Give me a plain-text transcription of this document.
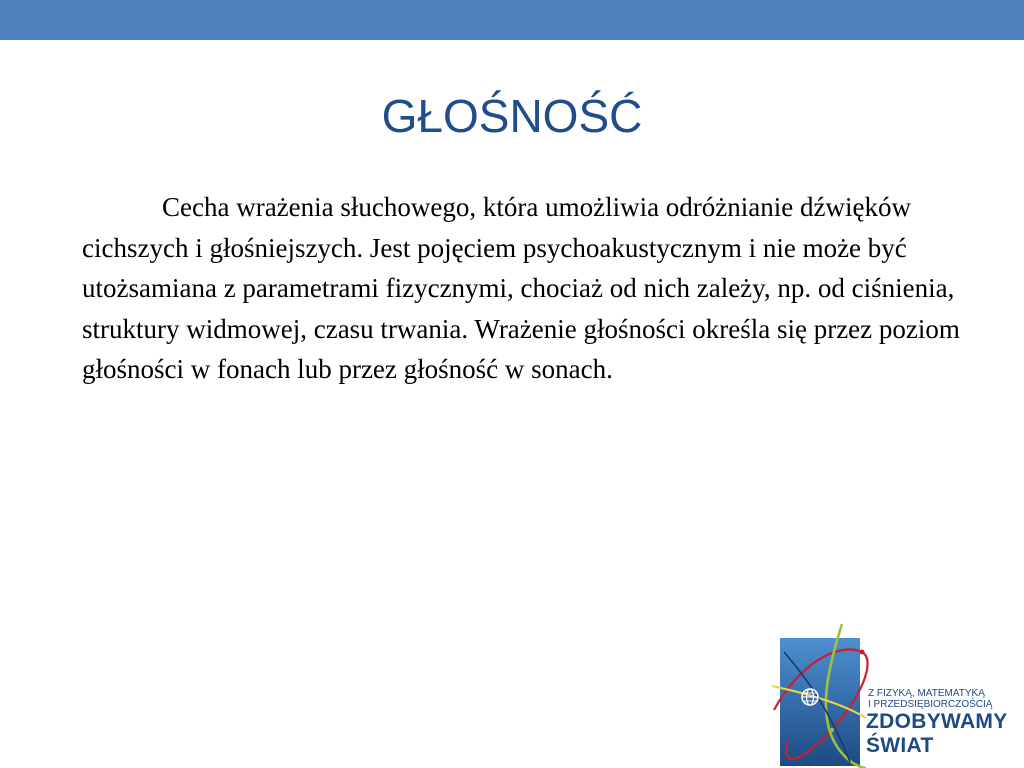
GŁOŚNOŚĆ

Cecha wrażenia słuchowego, która umożliwia odróżnianie dźwięków cichszych i głośniejszych. Jest pojęciem psychoakustycznym i nie może być utożsamiana z parametrami fizycznymi, chociaż od nich zależy, np. od ciśnienia, struktury widmowej, czasu trwania. Wrażenie głośności określa się przez poziom głośności w fonach lub przez głośność w sonach.

Z FIZYKĄ, MATEMATYKĄ
I PRZEDSIĘBIORCZOŚCIĄ

ZDOBYWAMY
ŚWIAT
